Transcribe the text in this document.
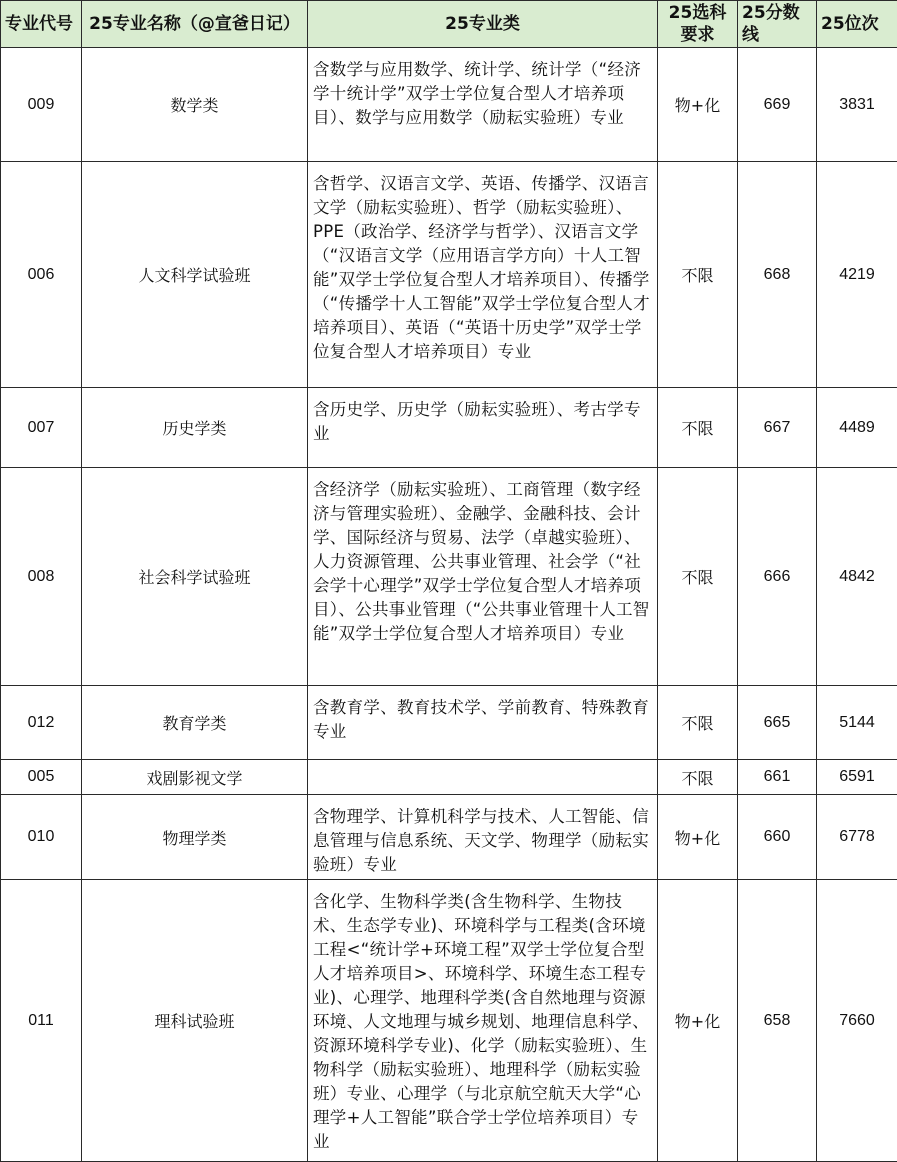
专业代号	25专业名称（@宣爸日记）	25专业类	25选科要求	25分数线	25位次
009	数学类	含数学与应用数学、统计学、统计学（“经济学十统计学”双学士学位复合型人才培养项目）、数学与应用数学（励耘实验班）专业	物+化	669	3831
006	人文科学试验班	含哲学、汉语言文学、英语、传播学、汉语言文学（励耘实验班）、哲学（励耘实验班）、PPE（政治学、经济学与哲学）、汉语言文学（“汉语言文学（应用语言学方向）十人工智能”双学士学位复合型人才培养项目）、传播学（“传播学十人工智能”双学士学位复合型人才培养项目）、英语（“英语十历史学”双学士学位复合型人才培养项目）专业	不限	668	4219
007	历史学类	含历史学、历史学（励耘实验班）、考古学专业	不限	667	4489
008	社会科学试验班	含经济学（励耘实验班）、工商管理（数字经济与管理实验班）、金融学、金融科技、会计学、国际经济与贸易、法学（卓越实验班）、人力资源管理、公共事业管理、社会学（“社会学十心理学”双学士学位复合型人才培养项目）、公共事业管理（“公共事业管理十人工智能”双学士学位复合型人才培养项目）专业	不限	666	4842
012	教育学类	含教育学、教育技术学、学前教育、特殊教育专业	不限	665	5144
005	戏剧影视文学		不限	661	6591
010	物理学类	含物理学、计算机科学与技术、人工智能、信息管理与信息系统、天文学、物理学（励耘实验班）专业	物+化	660	6778
011	理科试验班	含化学、生物科学类(含生物科学、生物技术、生态学专业)、环境科学与工程类(含环境工程<“统计学+环境工程”双学士学位复合型人才培养项目>、环境科学、环境生态工程专业)、心理学、地理科学类(含自然地理与资源环境、人文地理与城乡规划、地理信息科学、资源环境科学专业)、化学（励耘实验班）、生物科学（励耘实验班）、地理科学（励耘实验班）专业、心理学（与北京航空航天大学“心理学+人工智能”联合学士学位培养项目）专业	物+化	658	7660
